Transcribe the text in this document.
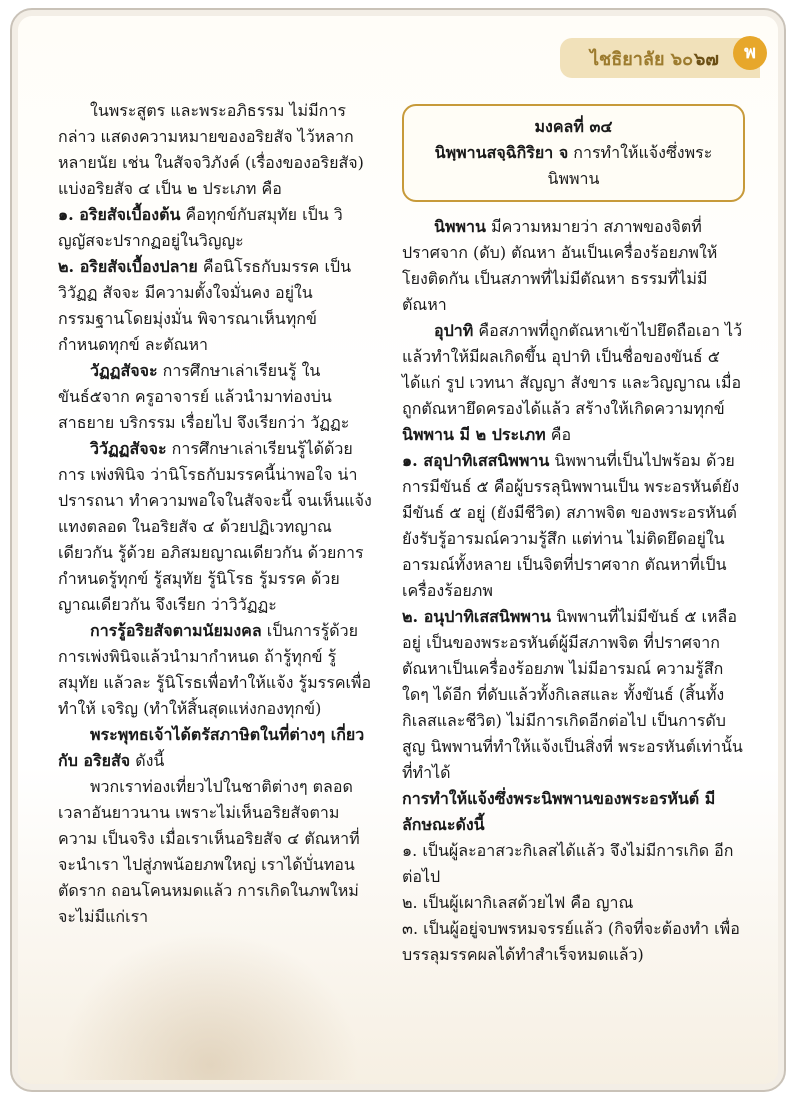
ไชธิยาลัย ๖๐ ๖๗	พ

ในพระสูตร และพระอภิธรรม ไม่มีการกล่าว แสดงความหมายของอริยสัจ ไว้หลากหลายนัย เช่น ในสัจจวิภังค์ (เรื่องของอริยสัจ) แบ่งอริยสัจ ๔ เป็น ๒ ประเภท คือ

๑. อริยสัจเบื้องต้น คือทุกข์กับสมุทัย เป็น วิญญัสจะปรากฏอยู่ในวิญญะ

๒. อริยสัจเบื้องปลาย คือนิโรธกับมรรค เป็นวิวัฏฏ สัจจะ มีความตั้งใจมั่นคง อยู่ในกรรมฐานโดยมุ่งมั่น พิจารณาเห็นทุกข์ กำหนดทุกข์ ละตัณหา

วัฏฏสัจจะ การศึกษาเล่าเรียนรู้ ในขันธ์๕จาก ครูอาจารย์ แล้วนำมาท่องบ่นสาธยาย บริกรรม เรื่อยไป จึงเรียกว่า วัฏฏะ

วิวัฏฏสัจจะ การศึกษาเล่าเรียนรู้ได้ด้วยการ เพ่งพินิจ ว่านิโรธกับมรรคนี้น่าพอใจ น่าปรารถนา ทำความพอใจในสัจจะนี้ จนเห็นแจ้งแทงตลอด ในอริยสัจ ๔ ด้วยปฏิเวทญาณเดียวกัน รู้ด้วย อภิสมยญาณเดียวกัน ด้วยการกำหนดรู้ทุกข์ รู้สมุทัย รู้นิโรธ รู้มรรค ด้วยญาณเดียวกัน จึงเรียก ว่าวิวัฏฏะ

การรู้อริยสัจตามนัยมงคล เป็นการรู้ด้วย การเพ่งพินิจแล้วนำมากำหนด ถ้ารู้ทุกข์ รู้สมุทัย แล้วละ รู้นิโรธเพื่อทำให้แจ้ง รู้มรรคเพื่อทำให้ เจริญ (ทำให้สิ้นสุดแห่งกองทุกข์)

พระพุทธเจ้าได้ตรัสภาษิตในที่ต่างๆ เกี่ยวกับ อริยสัจ ดังนี้

พวกเราท่องเที่ยวไปในชาติต่างๆ ตลอด เวลาอันยาวนาน เพราะไม่เห็นอริยสัจตามความ เป็นจริง เมื่อเราเห็นอริยสัจ ๔ ตัณหาที่จะนำเรา ไปสู่ภพน้อยภพใหญ่ เราได้บั่นทอนตัดราก ถอนโคนหมดแล้ว การเกิดในภพใหม่จะไม่มีแก่เรา

มงคลที่ ๓๔
นิพฺพานสจฺฉิกิริยา จ การทำให้แจ้งซึ่งพระนิพพาน

นิพพาน มีความหมายว่า สภาพของจิตที่ ปราศจาก (ดับ) ตัณหา อันเป็นเครื่องร้อยภพให้ โยงติดกัน เป็นสภาพที่ไม่มีตัณหา ธรรมที่ไม่มี ตัณหา

อุปาทิ คือสภาพที่ถูกตัณหาเข้าไปยึดถือเอา ไว้ แล้วทำให้มีผลเกิดขึ้น อุปาทิ เป็นชื่อของขันธ์ ๕ ได้แก่ รูป เวทนา สัญญา สังขาร และวิญญาณ เมื่อ ถูกตัณหายึดครองได้แล้ว สร้างให้เกิดความทุกข์

นิพพาน มี ๒ ประเภท คือ

๑. สอุปาทิเสสนิพพาน นิพพานที่เป็นไปพร้อม ด้วยการมีขันธ์ ๕ คือผู้บรรลุนิพพานเป็น พระอรหันต์ยังมีขันธ์ ๕ อยู่ (ยังมีชีวิต) สภาพจิต ของพระอรหันต์ยังรับรู้อารมณ์ความรู้สึก แต่ท่าน ไม่ติดยึดอยู่ในอารมณ์ทั้งหลาย เป็นจิตที่ปราศจาก ตัณหาที่เป็นเครื่องร้อยภพ

๒. อนุปาทิเสสนิพพาน นิพพานที่ไม่มีขันธ์ ๕ เหลืออยู่ เป็นของพระอรหันต์ผู้มีสภาพจิต ที่ปราศจากตัณหาเป็นเครื่องร้อยภพ ไม่มีอารมณ์ ความรู้สึกใดๆ ได้อีก ที่ดับแล้วทั้งกิเลสและ ทั้งขันธ์ (สิ้นทั้งกิเลสและชีวิต) ไม่มีการเกิดอีกต่อไป เป็นการดับสูญ นิพพานที่ทำให้แจ้งเป็นสิ่งที่ พระอรหันต์เท่านั้นที่ทำได้

การทำให้แจ้งซึ่งพระนิพพานของพระอรหันต์ มีลักษณะดังนี้

๑. เป็นผู้ละอาสวะกิเลสได้แล้ว จึงไม่มีการเกิด อีกต่อไป

๒. เป็นผู้เผากิเลสด้วยไฟ คือ ญาณ

๓. เป็นผู้อยู่จบพรหมจรรย์แล้ว (กิจที่จะต้องทำ เพื่อบรรลุมรรคผลได้ทำสำเร็จหมดแล้ว)
